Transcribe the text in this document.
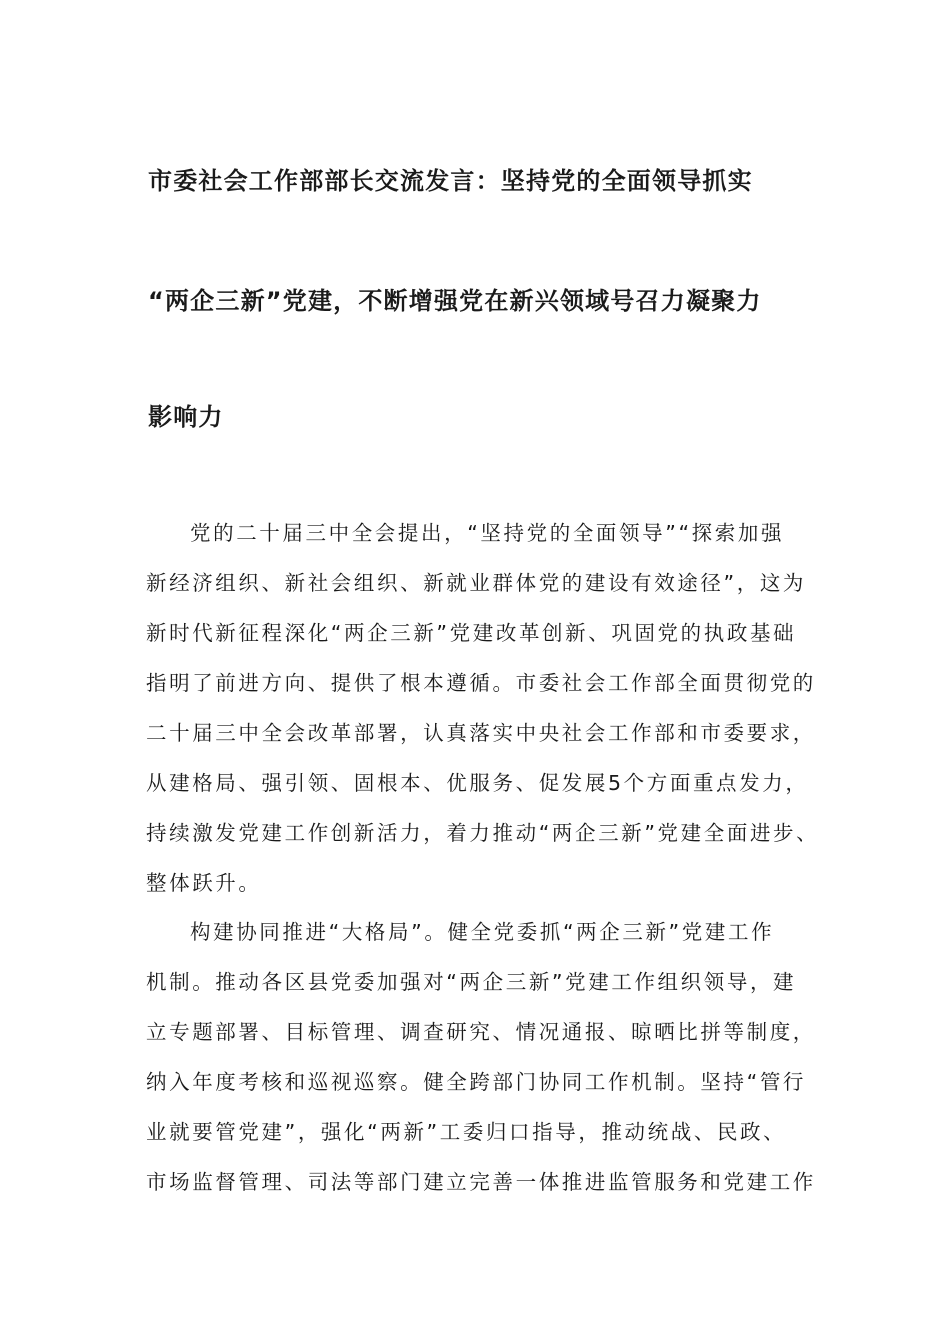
市委社会工作部部长交流发言：坚持党的全面领导抓实
“两企三新”党建，不断增强党在新兴领域号召力凝聚力
影响力
党的二十届三中全会提出，“坚持党的全面领导”“探索加强
新经济组织、新社会组织、新就业群体党的建设有效途径”，这为
新时代新征程深化“两企三新”党建改革创新、巩固党的执政基础
指明了前进方向、提供了根本遵循。市委社会工作部全面贯彻党的
二十届三中全会改革部署，认真落实中央社会工作部和市委要求，
从建格局、强引领、固根本、优服务、促发展5个方面重点发力，
持续激发党建工作创新活力，着力推动“两企三新”党建全面进步、
整体跃升。
构建协同推进“大格局”。健全党委抓“两企三新”党建工作
机制。推动各区县党委加强对“两企三新”党建工作组织领导，建
立专题部署、目标管理、调查研究、情况通报、晾晒比拼等制度，
纳入年度考核和巡视巡察。健全跨部门协同工作机制。坚持“管行
业就要管党建”，强化“两新”工委归口指导，推动统战、民政、
市场监督管理、司法等部门建立完善一体推进监管服务和党建工作
